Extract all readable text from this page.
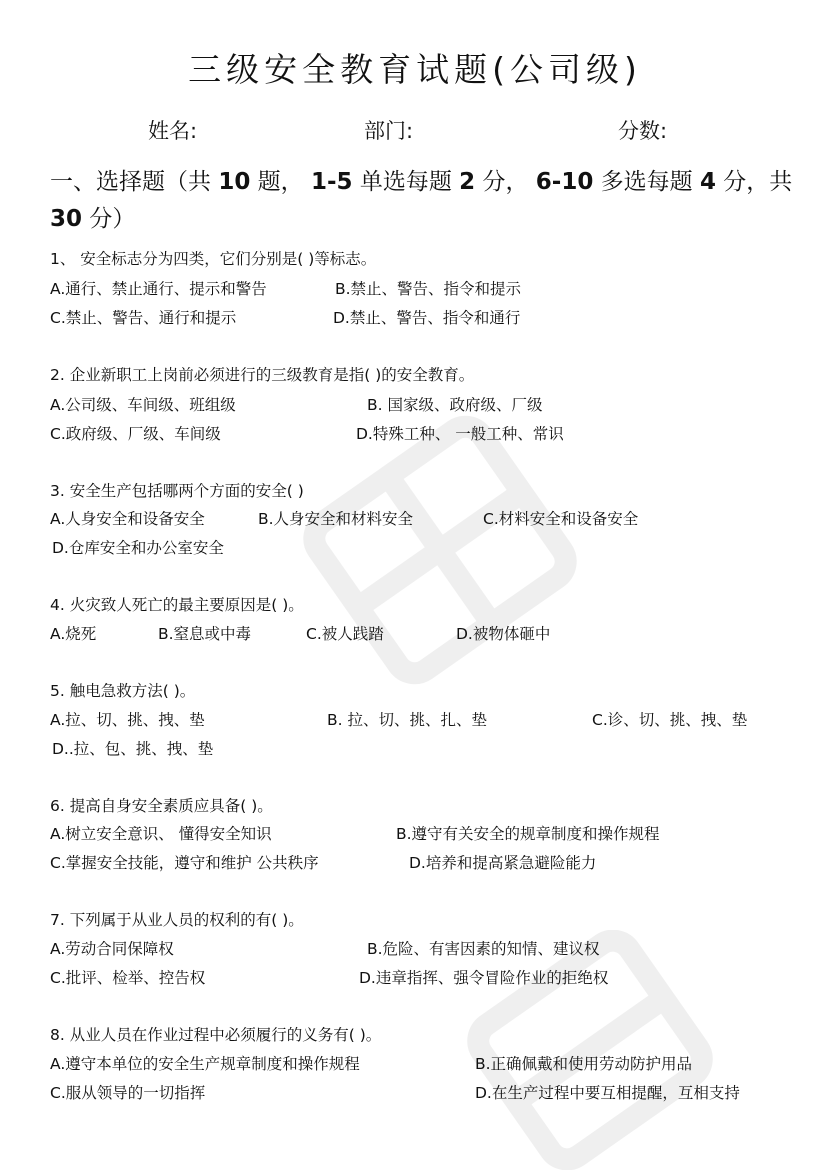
三级安全教育试题(公司级)
姓名:	部门:	分数:
一、选择题（共 10 题， 1-5 单选每题 2 分， 6-10 多选每题 4 分，共
30 分）
1、 安全标志分为四类，它们分别是( )等标志。
A.通行、禁止通行、提示和警告	B.禁止、警告、指令和提示
C.禁止、警告、通行和提示	D.禁止、警告、指令和通行
2. 企业新职工上岗前必须进行的三级教育是指( )的安全教育。
A.公司级、车间级、班组级	B. 国家级、政府级、厂级
C.政府级、厂级、车间级	D.特殊工种、 一般工种、常识
3. 安全生产包括哪两个方面的安全( )
A.人身安全和设备安全	B.人身安全和材料安全	C.材料安全和设备安全
D.仓库安全和办公室安全
4. 火灾致人死亡的最主要原因是( )。
A.烧死	B.窒息或中毒	C.被人践踏	D.被物体砸中
5. 触电急救方法( )。
A.拉、切、挑、拽、垫	B. 拉、切、挑、扎、垫	C.诊、切、挑、拽、垫
D..拉、包、挑、拽、垫
6. 提高自身安全素质应具备( )。
A.树立安全意识、 懂得安全知识	B.遵守有关安全的规章制度和操作规程
C.掌握安全技能，遵守和维护 公共秩序	D.培养和提高紧急避险能力
7. 下列属于从业人员的权利的有( )。
A.劳动合同保障权	B.危险、有害因素的知情、建议权
C.批评、检举、控告权	D.违章指挥、强令冒险作业的拒绝权
8. 从业人员在作业过程中必须履行的义务有( )。
A.遵守本单位的安全生产规章制度和操作规程	B.正确佩戴和使用劳动防护用品
C.服从领导的一切指挥	D.在生产过程中要互相提醒，互相支持
